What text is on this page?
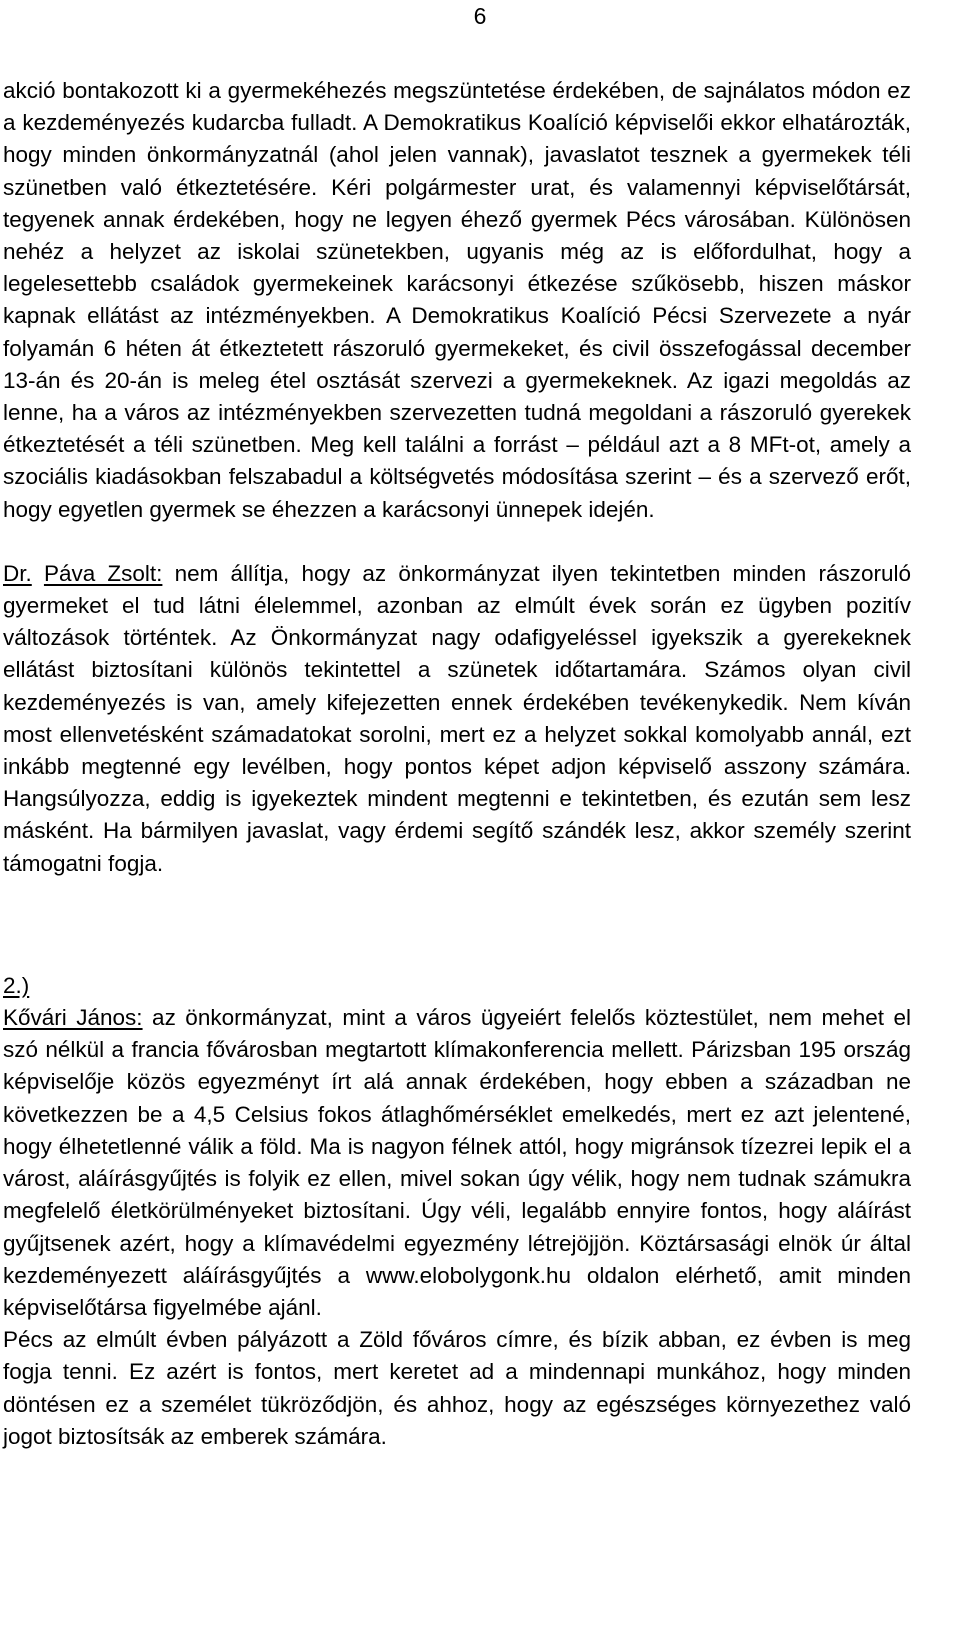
6

akció bontakozott ki a gyermekéhezés megszüntetése érdekében, de sajnálatos módon ez a kezdeményezés kudarcba fulladt. A Demokratikus Koalíció képviselői ekkor elhatározták, hogy minden önkormányzatnál (ahol jelen vannak), javaslatot tesznek a gyermekek téli szünetben való étkeztetésére. Kéri polgármester urat, és valamennyi képviselőtársát, tegyenek annak érdekében, hogy ne legyen éhező gyermek Pécs városában. Különösen nehéz a helyzet az iskolai szünetekben, ugyanis még az is előfordulhat, hogy a legelesettebb családok gyermekeinek karácsonyi étkezése szűkösebb, hiszen máskor kapnak ellátást az intézményekben. A Demokratikus Koalíció Pécsi Szervezete a nyár folyamán 6 héten át étkeztetett rászoruló gyermekeket, és civil összefogással december 13-án és 20-án is meleg étel osztását szervezi a gyermekeknek. Az igazi megoldás az lenne, ha a város az intézményekben szervezetten tudná megoldani a rászoruló gyerekek étkeztetését a téli szünetben. Meg kell találni a forrást – például azt a 8 MFt-ot, amely a szociális kiadásokban felszabadul a költségvetés módosítása szerint – és a szervező erőt, hogy egyetlen gyermek se éhezzen a karácsonyi ünnepek idején.

Dr. Páva Zsolt: nem állítja, hogy az önkormányzat ilyen tekintetben minden rászoruló gyermeket el tud látni élelemmel, azonban az elmúlt évek során ez ügyben pozitív változások történtek. Az Önkormányzat nagy odafigyeléssel igyekszik a gyerekeknek ellátást biztosítani különös tekintettel a szünetek időtartamára. Számos olyan civil kezdeményezés is van, amely kifejezetten ennek érdekében tevékenykedik. Nem kíván most ellenvetésként számadatokat sorolni, mert ez a helyzet sokkal komolyabb annál, ezt inkább megtenné egy levélben, hogy pontos képet adjon képviselő asszony számára. Hangsúlyozza, eddig is igyekeztek mindent megtenni e tekintetben, és ezután sem lesz másként. Ha bármilyen javaslat, vagy érdemi segítő szándék lesz, akkor személy szerint támogatni fogja.

2.)

Kővári János: az önkormányzat, mint a város ügyeiért felelős köztestület, nem mehet el szó nélkül a francia fővárosban megtartott klímakonferencia mellett. Párizsban 195 ország képviselője közös egyezményt írt alá annak érdekében, hogy ebben a században ne következzen be a 4,5 Celsius fokos átlaghőmérséklet emelkedés, mert ez azt jelentené, hogy élhetetlenné válik a föld. Ma is nagyon félnek attól, hogy migránsok tízezrei lepik el a várost, aláírásgyűjtés is folyik ez ellen, mivel sokan úgy vélik, hogy nem tudnak számukra megfelelő életkörülményeket biztosítani. Úgy véli, legalább ennyire fontos, hogy aláírást gyűjtsenek azért, hogy a klímavédelmi egyezmény létrejöjjön. Köztársasági elnök úr által kezdeményezett aláírásgyűjtés a www.elobolygonk.hu oldalon elérhető, amit minden képviselőtársa figyelmébe ajánl.

Pécs az elmúlt évben pályázott a Zöld főváros címre, és bízik abban, ez évben is meg fogja tenni. Ez azért is fontos, mert keretet ad a mindennapi munkához, hogy minden döntésen ez a személet tükröződjön, és ahhoz, hogy az egészséges környezethez való jogot biztosítsák az emberek számára.
